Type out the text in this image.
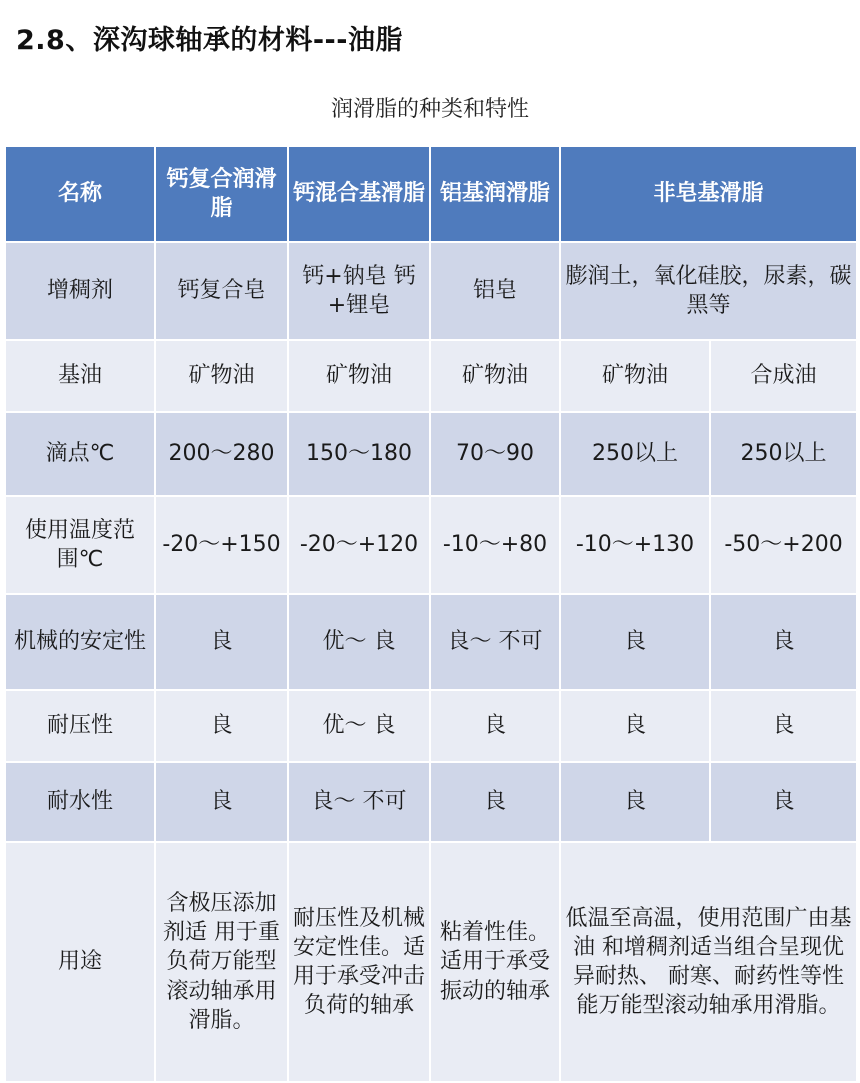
2.8、深沟球轴承的材料---油脂
润滑脂的种类和特性
名称	钙复合润滑脂	钙混合基滑脂	铝基润滑脂	非皂基滑脂	
增稠剂	钙复合皂	钙+钠皂 钙+锂皂	铝皂	膨润土，氧化硅胶，尿素，碳黑等	
基油	矿物油	矿物油	矿物油	矿物油	合成油
滴点℃	200～280	150～180	70～90	250以上	250以上
使用温度范围℃	-20～+150	-20～+120	-10～+80	-10～+130	-50～+200
机械的安定性	良	优～ 良	良～ 不可	良	良
耐压性	良	优～ 良	良	良	良
耐水性	良	良～ 不可	良	良	良
用途	含极压添加剂适 用于重负荷万能型滚动轴承用滑脂。	耐压性及机械 安定性佳。适用于承受冲击负荷的轴承	粘着性佳。适用于承受 振动的轴承	低温至高温，使用范围广由基油 和增稠剂适当组合呈现优异耐热、 耐寒、耐药性等性能万能型滚动轴承用滑脂。	
